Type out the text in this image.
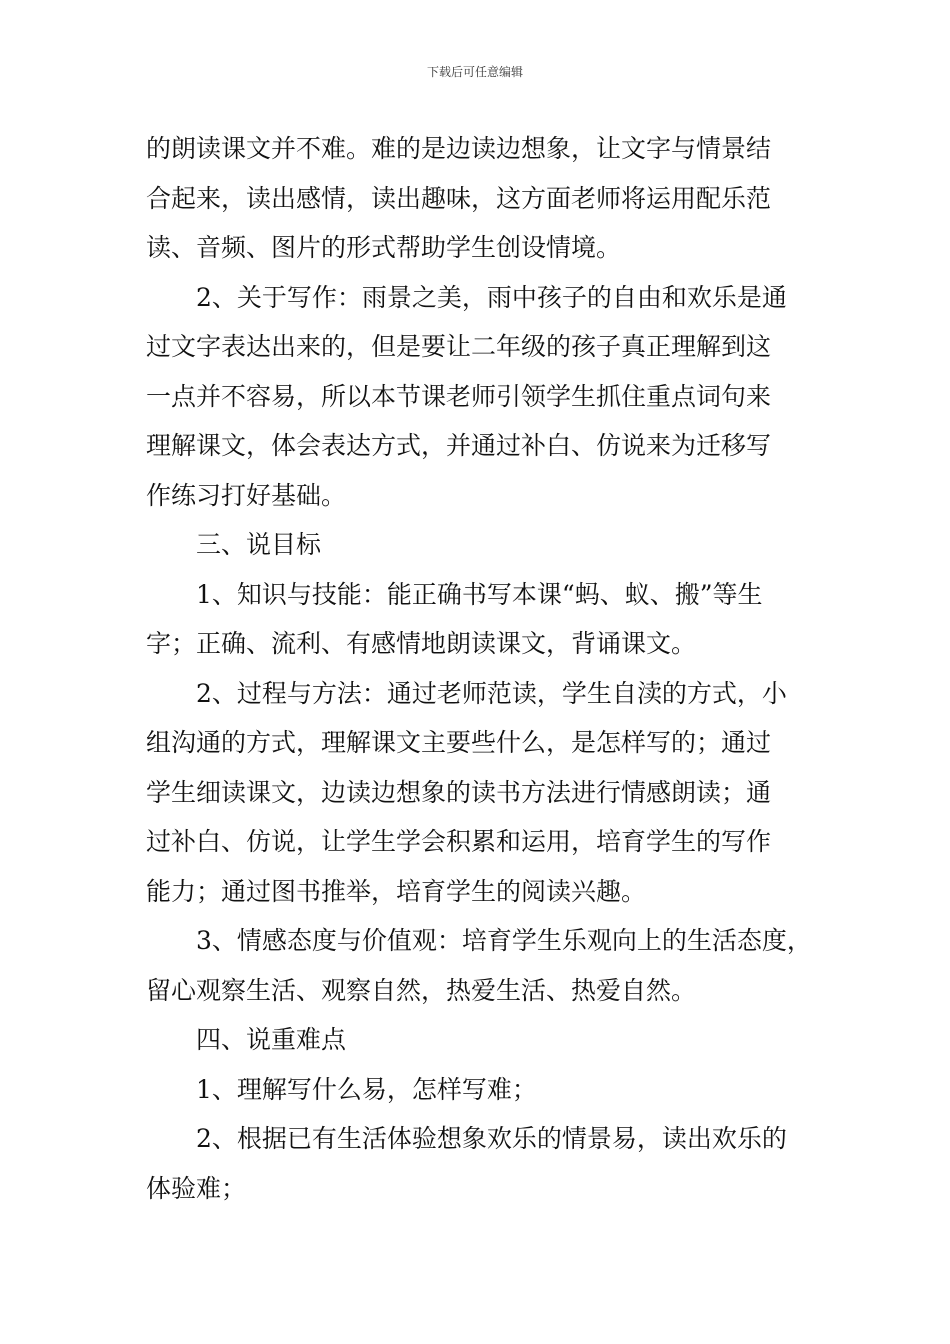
下载后可任意编辑
的朗读课文并不难。难的是边读边想象，让文字与情景结
合起来，读出感情，读出趣味，这方面老师将运用配乐范
读、音频、图片的形式帮助学生创设情境。
2、关于写作：雨景之美，雨中孩子的自由和欢乐是通
过文字表达出来的，但是要让二年级的孩子真正理解到这
一点并不容易，所以本节课老师引领学生抓住重点词句来
理解课文，体会表达方式，并通过补白、仿说来为迁移写
作练习打好基础。
三、说目标
1、知识与技能：能正确书写本课“蚂、蚁、搬”等生
字；正确、流利、有感情地朗读课文，背诵课文。
2、过程与方法：通过老师范读，学生自渎的方式，小
组沟通的方式，理解课文主要些什么，是怎样写的；通过
学生细读课文，边读边想象的读书方法进行情感朗读；通
过补白、仿说，让学生学会积累和运用，培育学生的写作
能力；通过图书推举，培育学生的阅读兴趣。
3、情感态度与价值观：培育学生乐观向上的生活态度，
留心观察生活、观察自然，热爱生活、热爱自然。
四、说重难点
1、理解写什么易，怎样写难；
2、根据已有生活体验想象欢乐的情景易，读出欢乐的
体验难；
